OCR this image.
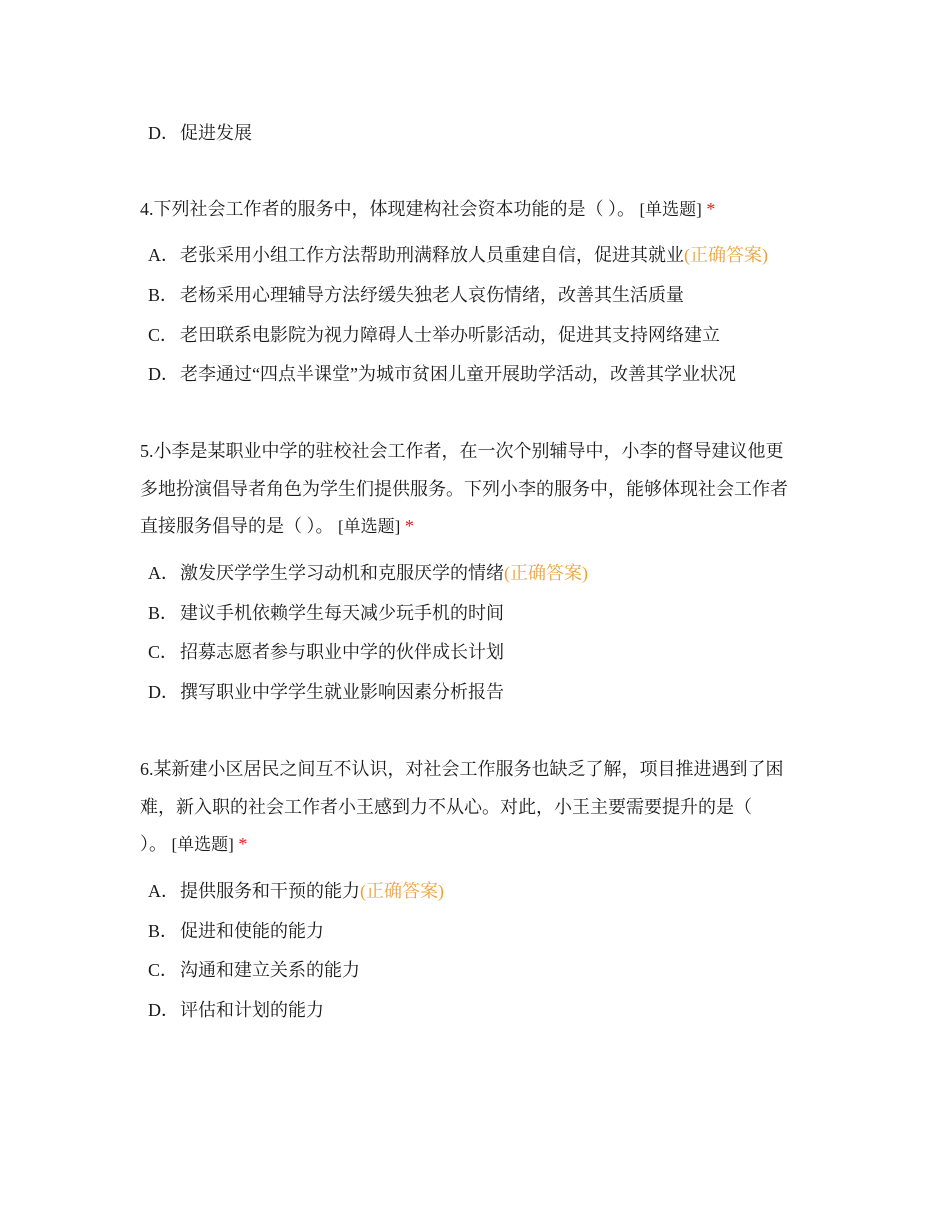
D．促进发展
4.下列社会工作者的服务中，体现建构社会资本功能的是（ ）。 [单选题] *
A．老张采用小组工作方法帮助刑满释放人员重建自信，促进其就业(正确答案)
B． 老杨采用心理辅导方法纾缓失独老人哀伤情绪，改善其生活质量
C． 老田联系电影院为视力障碍人士举办听影活动，促进其支持网络建立
D．老李通过“四点半课堂”为城市贫困儿童开展助学活动，改善其学业状况
5.小李是某职业中学的驻校社会工作者，在一次个别辅导中，小李的督导建议他更
多地扮演倡导者角色为学生们提供服务。下列小李的服务中，能够体现社会工作者
直接服务倡导的是（ ）。 [单选题] *
A．激发厌学学生学习动机和克服厌学的情绪(正确答案)
B． 建议手机依赖学生每天减少玩手机的时间
C． 招募志愿者参与职业中学的伙伴成长计划
D．撰写职业中学学生就业影响因素分析报告
6.某新建小区居民之间互不认识，对社会工作服务也缺乏了解，项目推进遇到了困
难，新入职的社会工作者小王感到力不从心。对此，小王主要需要提升的是（
）。 [单选题] *
A．提供服务和干预的能力(正确答案)
B． 促进和使能的能力
C． 沟通和建立关系的能力
D．评估和计划的能力
